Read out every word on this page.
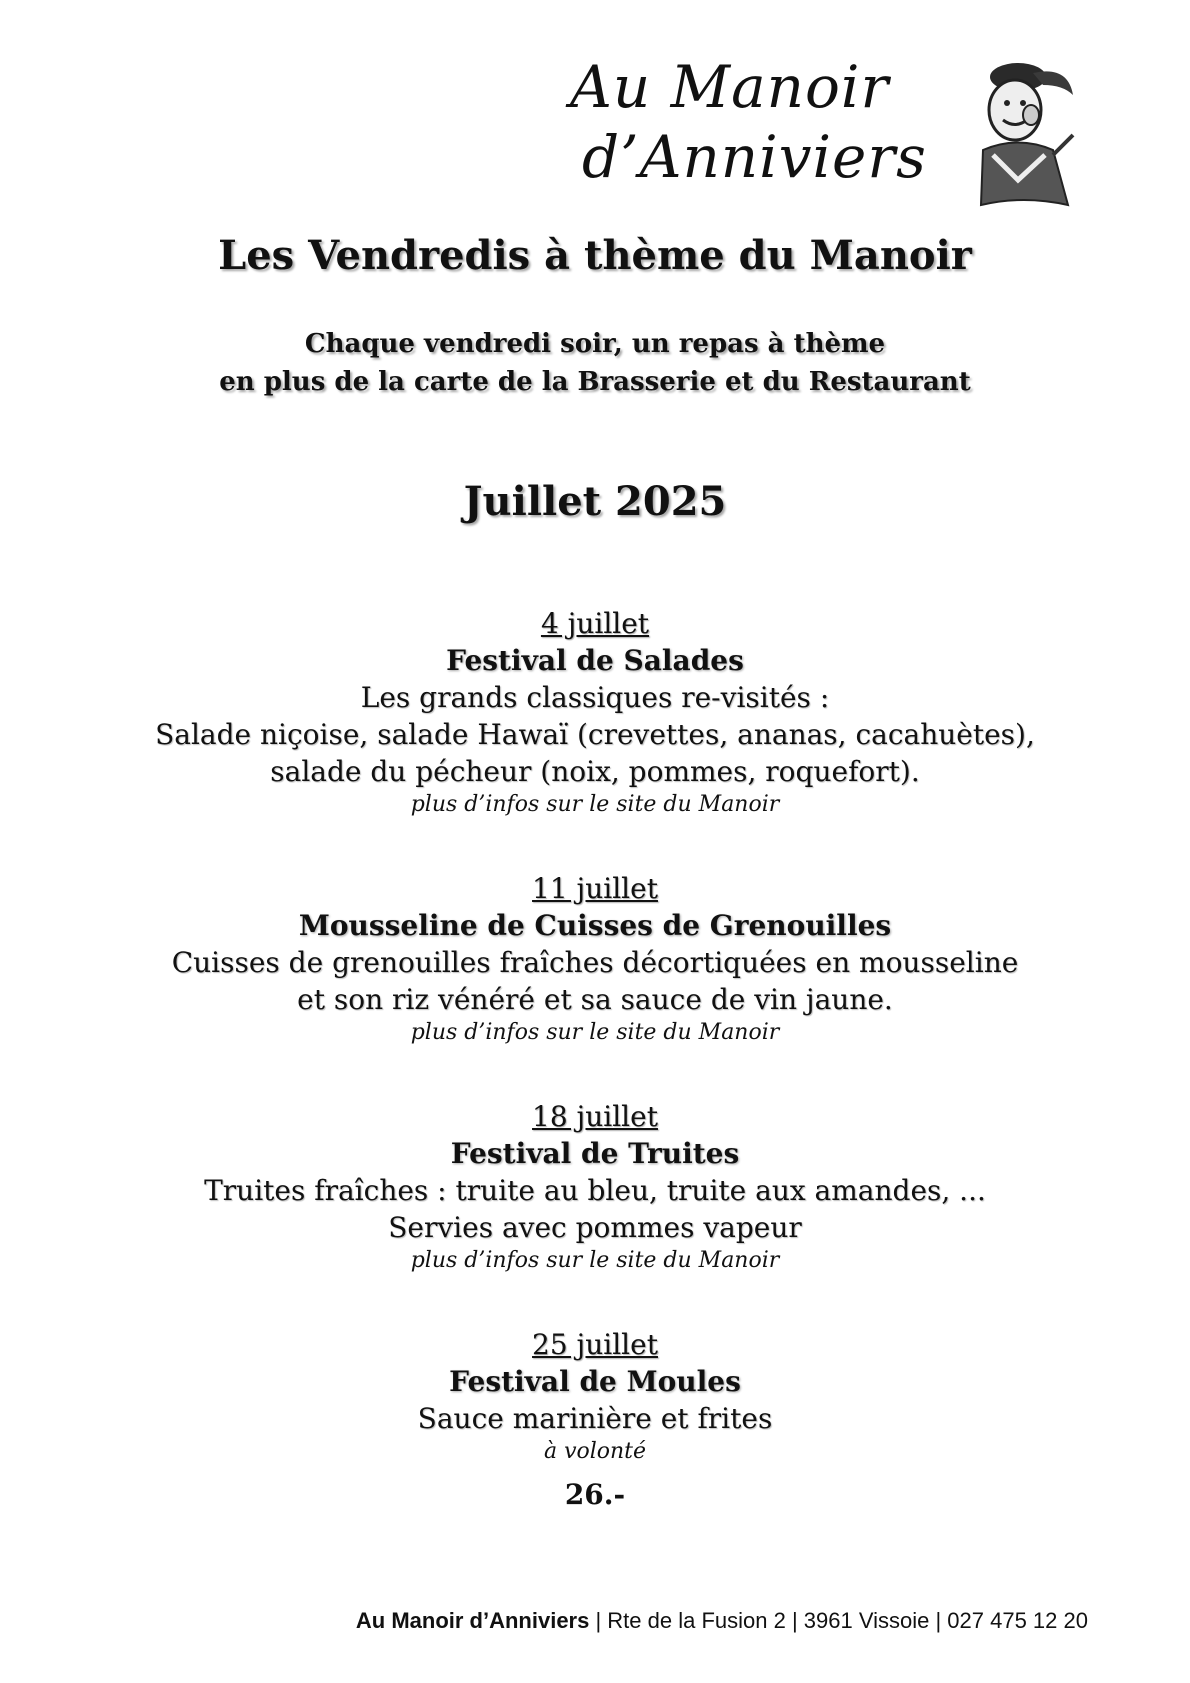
Au Manoir
d’Anniviers
Les Vendredis à thème du Manoir
Chaque vendredi soir, un repas à thème
en plus de la carte de la Brasserie et du Restaurant
Juillet 2025
4 juillet
Festival de Salades
Les grands classiques re-visités :
Salade niçoise, salade Hawaï (crevettes, ananas, cacahuètes),
salade du pécheur (noix, pommes, roquefort).
plus d’infos sur le site du Manoir
11 juillet
Mousseline de Cuisses de Grenouilles
Cuisses de grenouilles fraîches décortiquées en mousseline
et son riz vénéré et sa sauce de vin jaune.
plus d’infos sur le site du Manoir
18 juillet
Festival de Truites
Truites fraîches : truite au bleu, truite aux amandes, ...
Servies avec pommes vapeur
plus d’infos sur le site du Manoir
25 juillet
Festival de Moules
Sauce marinière et frites
à volonté
26.-
Au Manoir d’Anniviers | Rte de la Fusion 2 | 3961 Vissoie | 027 475 12 20
